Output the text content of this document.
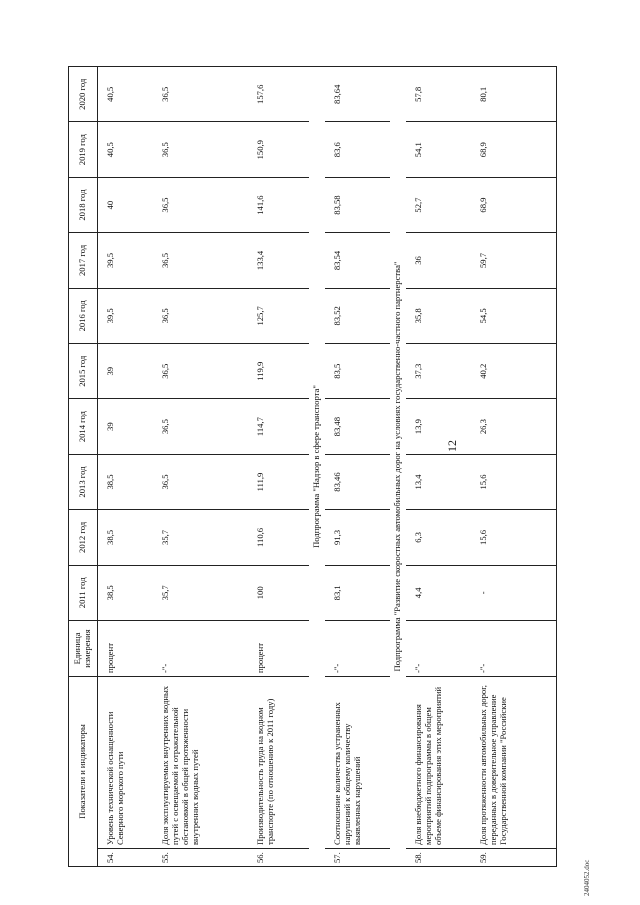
12
2404052.doc
Показатели и индикаторы		Единица измерения	2011 год	2012 год	2013 год	2014 год	2015 год	2016 год	2017 год	2018 год	2019 год	2020 год
54.	Уровень технической оснащенности Северного морского пути	процент	38,5	38,5	38,5	39	39	39,5	39,5	40	40,5	40,5
55.	Доля эксплуатируемых внутренних водных путей с освещаемой и отражательной обстановкой в общей протяженности внутренних водных путей	-"-	35,7	35,7	36,5	36,5	36,5	36,5	36,5	36,5	36,5	36,5
56.	Производительность труда на водном транспорте (по отношению к 2011 году)	процент	100	110,6	111,9	114,7	119,9	125,7	133,4	141,6	150,9	157,6
Подпрограмма "Надзор в сфере транспорта"												
57.	Соотношение количества устраненных нарушений к общему количеству выявленных нарушений	-"-	83,1	91,3	83,46	83,48	83,5	83,52	83,54	83,58	83,6	83,64
Подпрограмма "Развитие скоростных автомобильных дорог на условиях государственно-частного партнерства"												
58.	Доля внебюджетного финансирования мероприятий подпрограммы в общем объеме финансирования этих мероприятий	-"-	4,4	6,3	13,4	13,9	37,3	35,8	36	52,7	54,1	57,8
59.	Доля протяженности автомобильных дорог, переданных в доверительное управление Государственной компании "Российские	-"-	-	15,6	15,6	26,3	40,2	54,5	59,7	68,9	68,9	80,1
